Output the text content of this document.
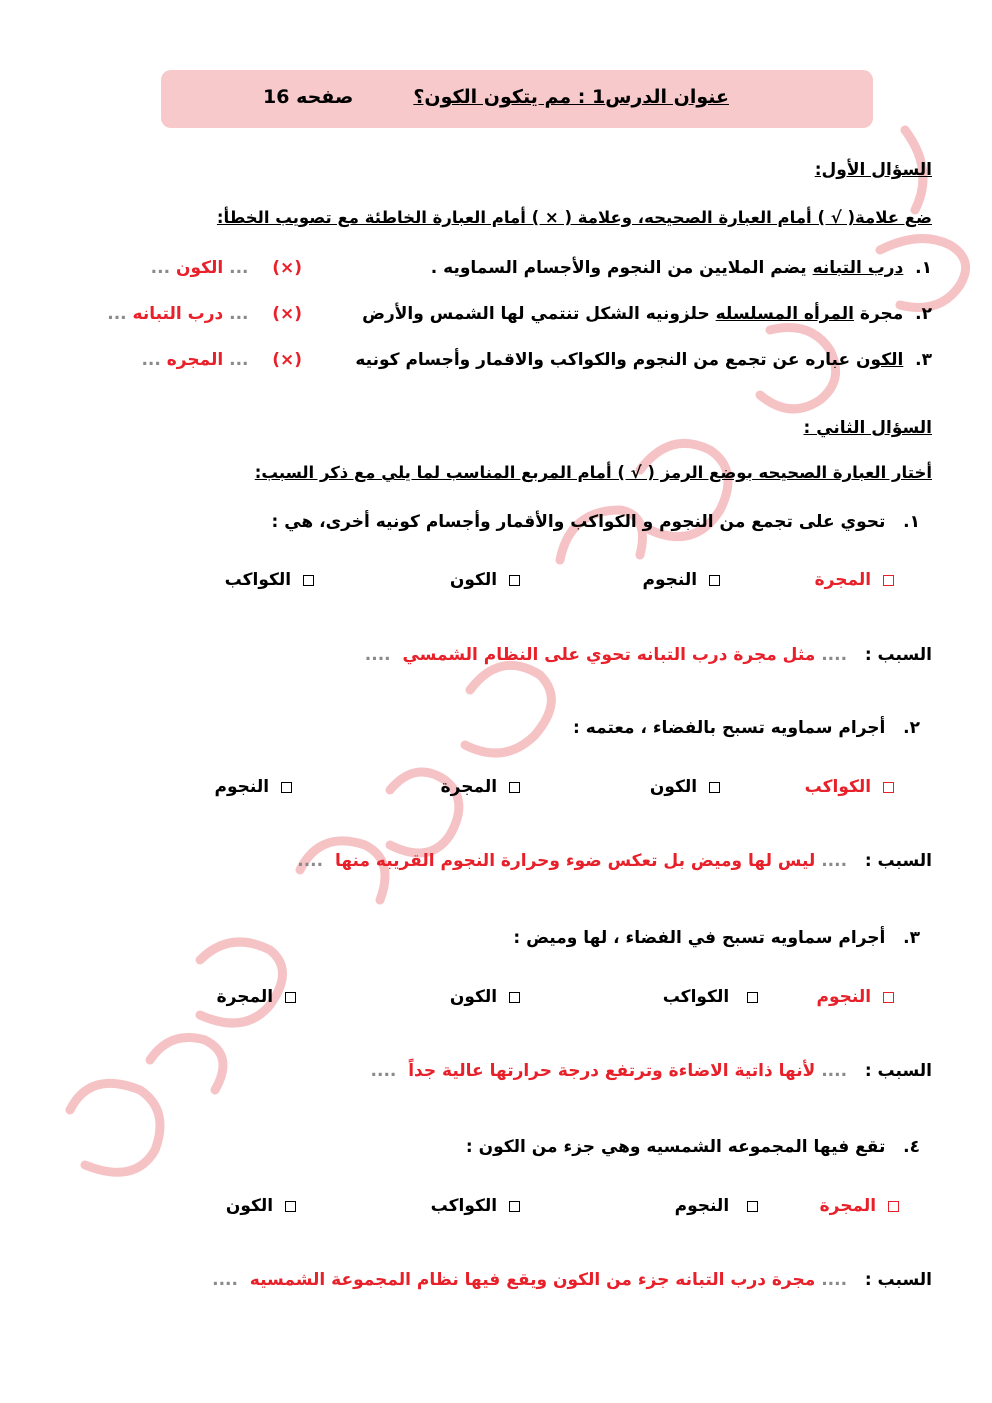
عنوان الدرس1 : مم يتكون الكون؟
صفحه 16
السؤال الأول:
ضع علامة( √ ) أمام العبارة الصحيحه، وعلامة ( × ) أمام العبارة الخاطئة مع تصويب الخطأ:
١.  درب التبانه يضم الملايين من النجوم والأجسام السماويه .
(×)    ... الكون ...
٢.  مجرة المرأه المسلسله حلزونيه الشكل تنتمي لها الشمس والأرض
(×)    ... درب التبانه ...
٣.  الكون عباره عن تجمع من النجوم والكواكب والاقمار وأجسام كونيه
(×)    ... المجره ...
السؤال الثاني :
أختار العبارة الصحيحه بوضع الرمز ( √ ) أمام المربع المناسب لما يلي مع ذكر السبب:
١.   تحوي على تجمع من النجوم و الكواكب والأقمار وأجسام كونيه أخرى، هي :
المجرة
النجوم
الكون
الكواكب
السبب :   .... مثل مجرة درب التبانه تحوي على النظام الشمسي  ....
٢.   أجرام سماويه تسبح بالفضاء ، معتمه :
الكواكب
الكون
المجرة
النجوم
السبب :   .... ليس لها وميض بل تعكس ضوء وحرارة النجوم القريبه منها  ....
٣.   أجرام سماويه تسبح في الفضاء ، لها وميض :
النجوم
الكواكب
الكون
المجرة
السبب :   .... لأنها ذاتية الاضاءة وترتفع درجة حرارتها عالية جداً  ....
٤.   تقع فيها المجموعه الشمسيه وهي جزء من الكون :
المجرة
النجوم
الكواكب
الكون
السبب :   .... مجرة درب التبانه جزء من الكون ويقع فيها نظام المجموعة الشمسيه  ....
